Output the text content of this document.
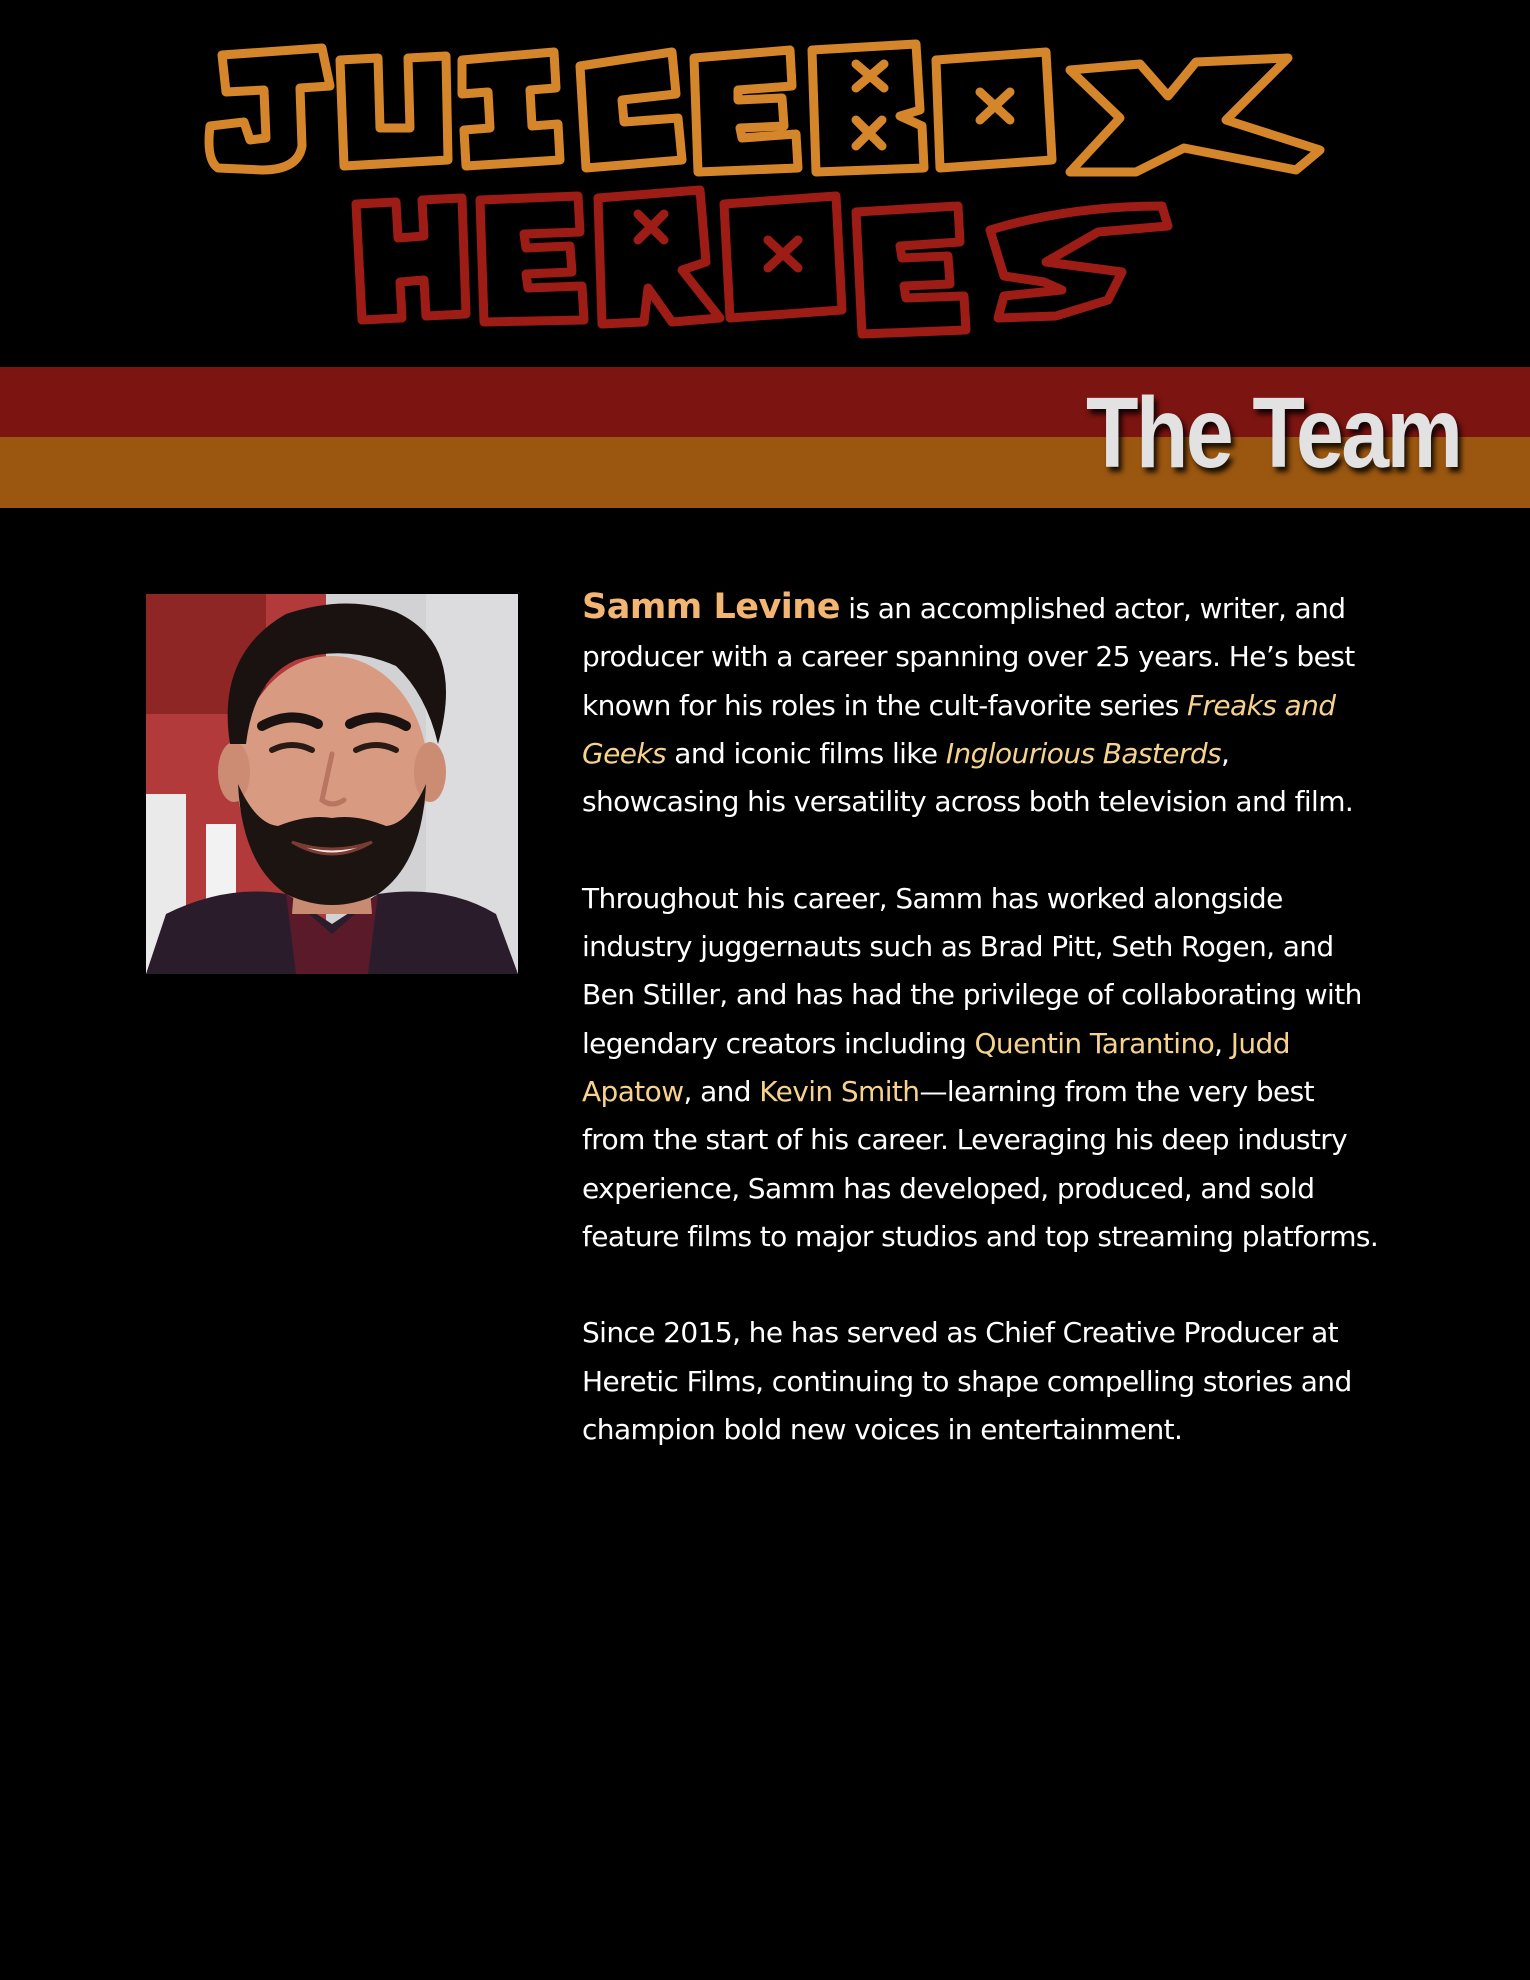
The Team

Samm Levine is an accomplished actor, writer, and producer with a career spanning over 25 years. He’s best known for his roles in the cult-favorite series Freaks and Geeks and iconic films like Inglourious Basterds, showcasing his versatility across both television and film.

Throughout his career, Samm has worked alongside industry juggernauts such as Brad Pitt, Seth Rogen, and Ben Stiller, and has had the privilege of collaborating with legendary creators including Quentin Tarantino, Judd Apatow, and Kevin Smith—learning from the very best from the start of his career. Leveraging his deep industry experience, Samm has developed, produced, and sold feature films to major studios and top streaming platforms.

Since 2015, he has served as Chief Creative Producer at Heretic Films, continuing to shape compelling stories and champion bold new voices in entertainment.
